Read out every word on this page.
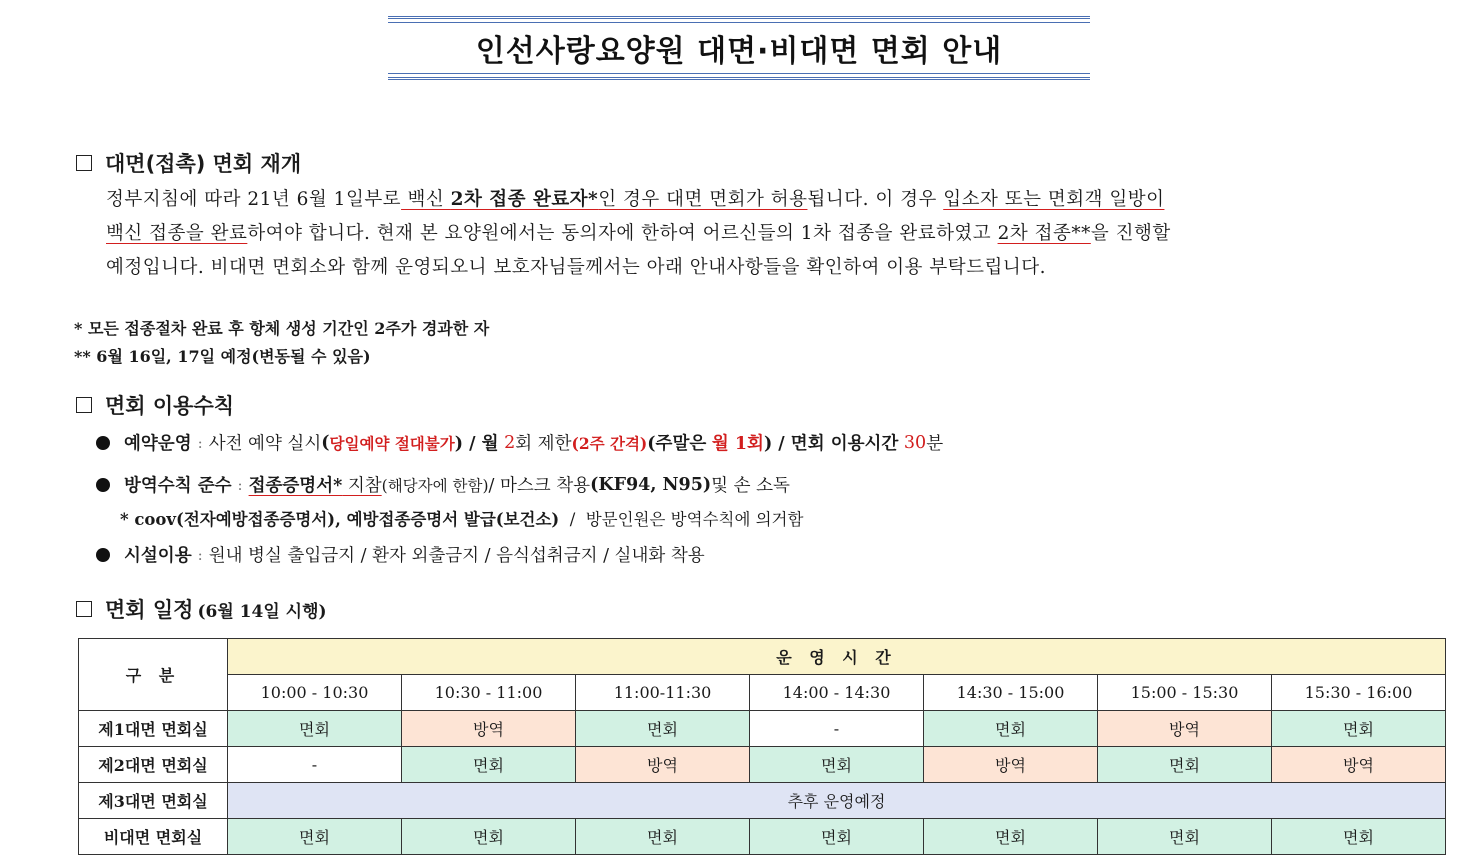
인선사랑요양원 대면·비대면 면회 안내
대면(접촉) 면회 재개
정부지침에 따라 21년 6월 1일부로 백신 2차 접종 완료자*인 경우 대면 면회가 허용됩니다. 이 경우 입소자 또는 면회객 일방이
백신 접종을 완료하여야 합니다. 현재 본 요양원에서는 동의자에 한하여 어르신들의 1차 접종을 완료하였고 2차 접종**을 진행할
예정입니다. 비대면 면회소와 함께 운영되오니 보호자님들께서는 아래 안내사항들을 확인하여 이용 부탁드립니다.
* 모든 접종절차 완료 후 항체 생성 기간인 2주가 경과한 자
** 6월 16일, 17일 예정(변동될 수 있음)
면회 이용수칙
예약운영 : 사전 예약 실시 ( 당일예약 절대불가 ) / 월
2 회 제한 (2주 간격) (주말은
월 1회 ) / 면회 이용시간
30 분
방역수칙 준수 : 접종증명서* 지참 (해당자에 한함) / 마스크 착용 (KF94, N95) 및 손 소독
* coov(전자예방접종증명서), 예방접종증명서 발급(보건소) /  방문인원은 방역수칙에 의거함
시설이용 : 원내 병실 출입금지 / 환자 외출금지 / 음식섭취금지 / 실내화 착용
면회 일정 (6월 14일 시행)
구 분	운 영 시 간						
	10:00 - 10:30	10:30 - 11:00	11:00-11:30	14:00 - 14:30	14:30 - 15:00	15:00 - 15:30	15:30 - 16:00
제1대면 면회실	면회	방역	면회	-	면회	방역	면회
제2대면 면회실	-	면회	방역	면회	방역	면회	방역
제3대면 면회실	추후 운영예정						
비대면 면회실	면회	면회	면회	면회	면회	면회	면회
